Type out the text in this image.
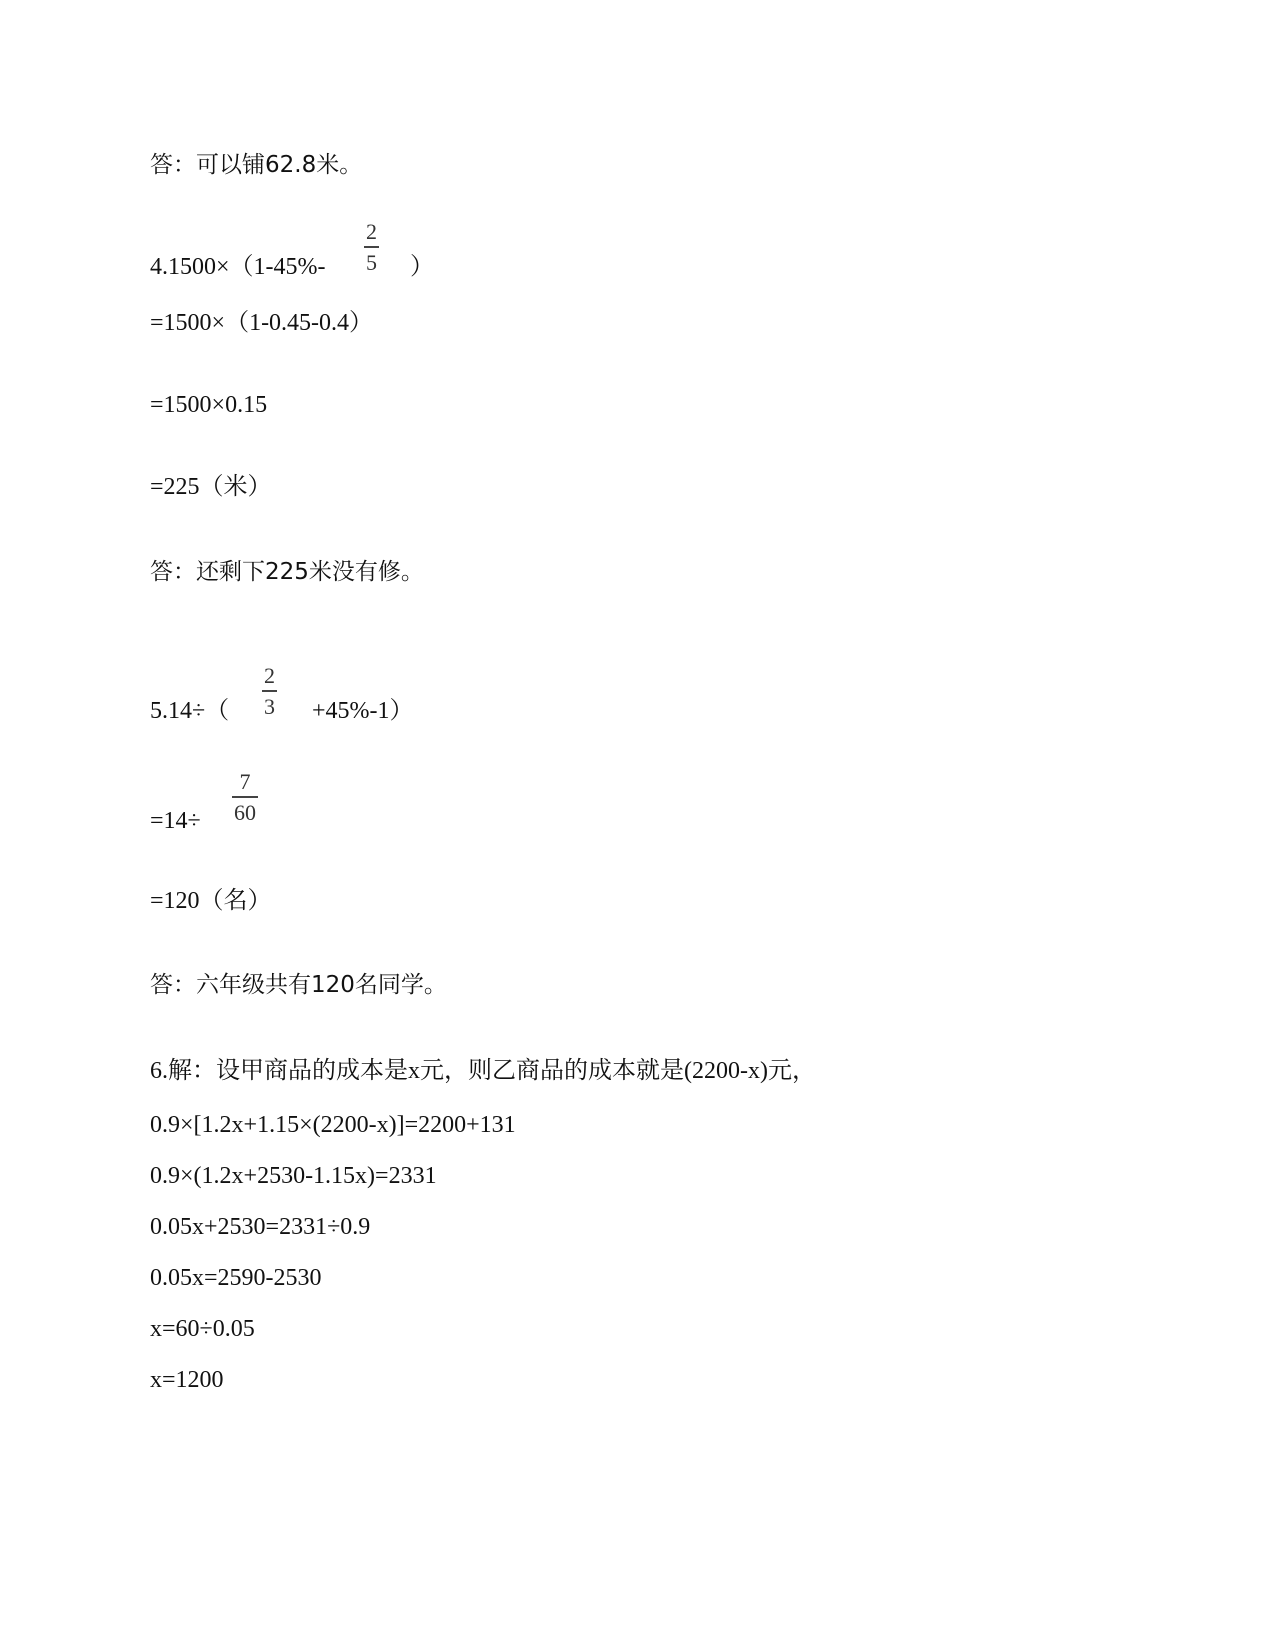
答：可以铺62.8米。
4.1500×（1-45%-
2
5 ）
=1500×（1-0.45-0.4）
=1500×0.15
=225（米）
答：还剩下225米没有修。
5.14÷（
2
3 +45%-1）
=14÷
7
60
=120（名）
答：六年级共有120名同学。
6.解：设甲商品的成本是x元，则乙商品的成本就是(2200-x)元，
0.9×[1.2x+1.15×(2200-x)]=2200+131
0.9×(1.2x+2530-1.15x)=2331
0.05x+2530=2331÷0.9
0.05x=2590-2530
x=60÷0.05
x=1200
